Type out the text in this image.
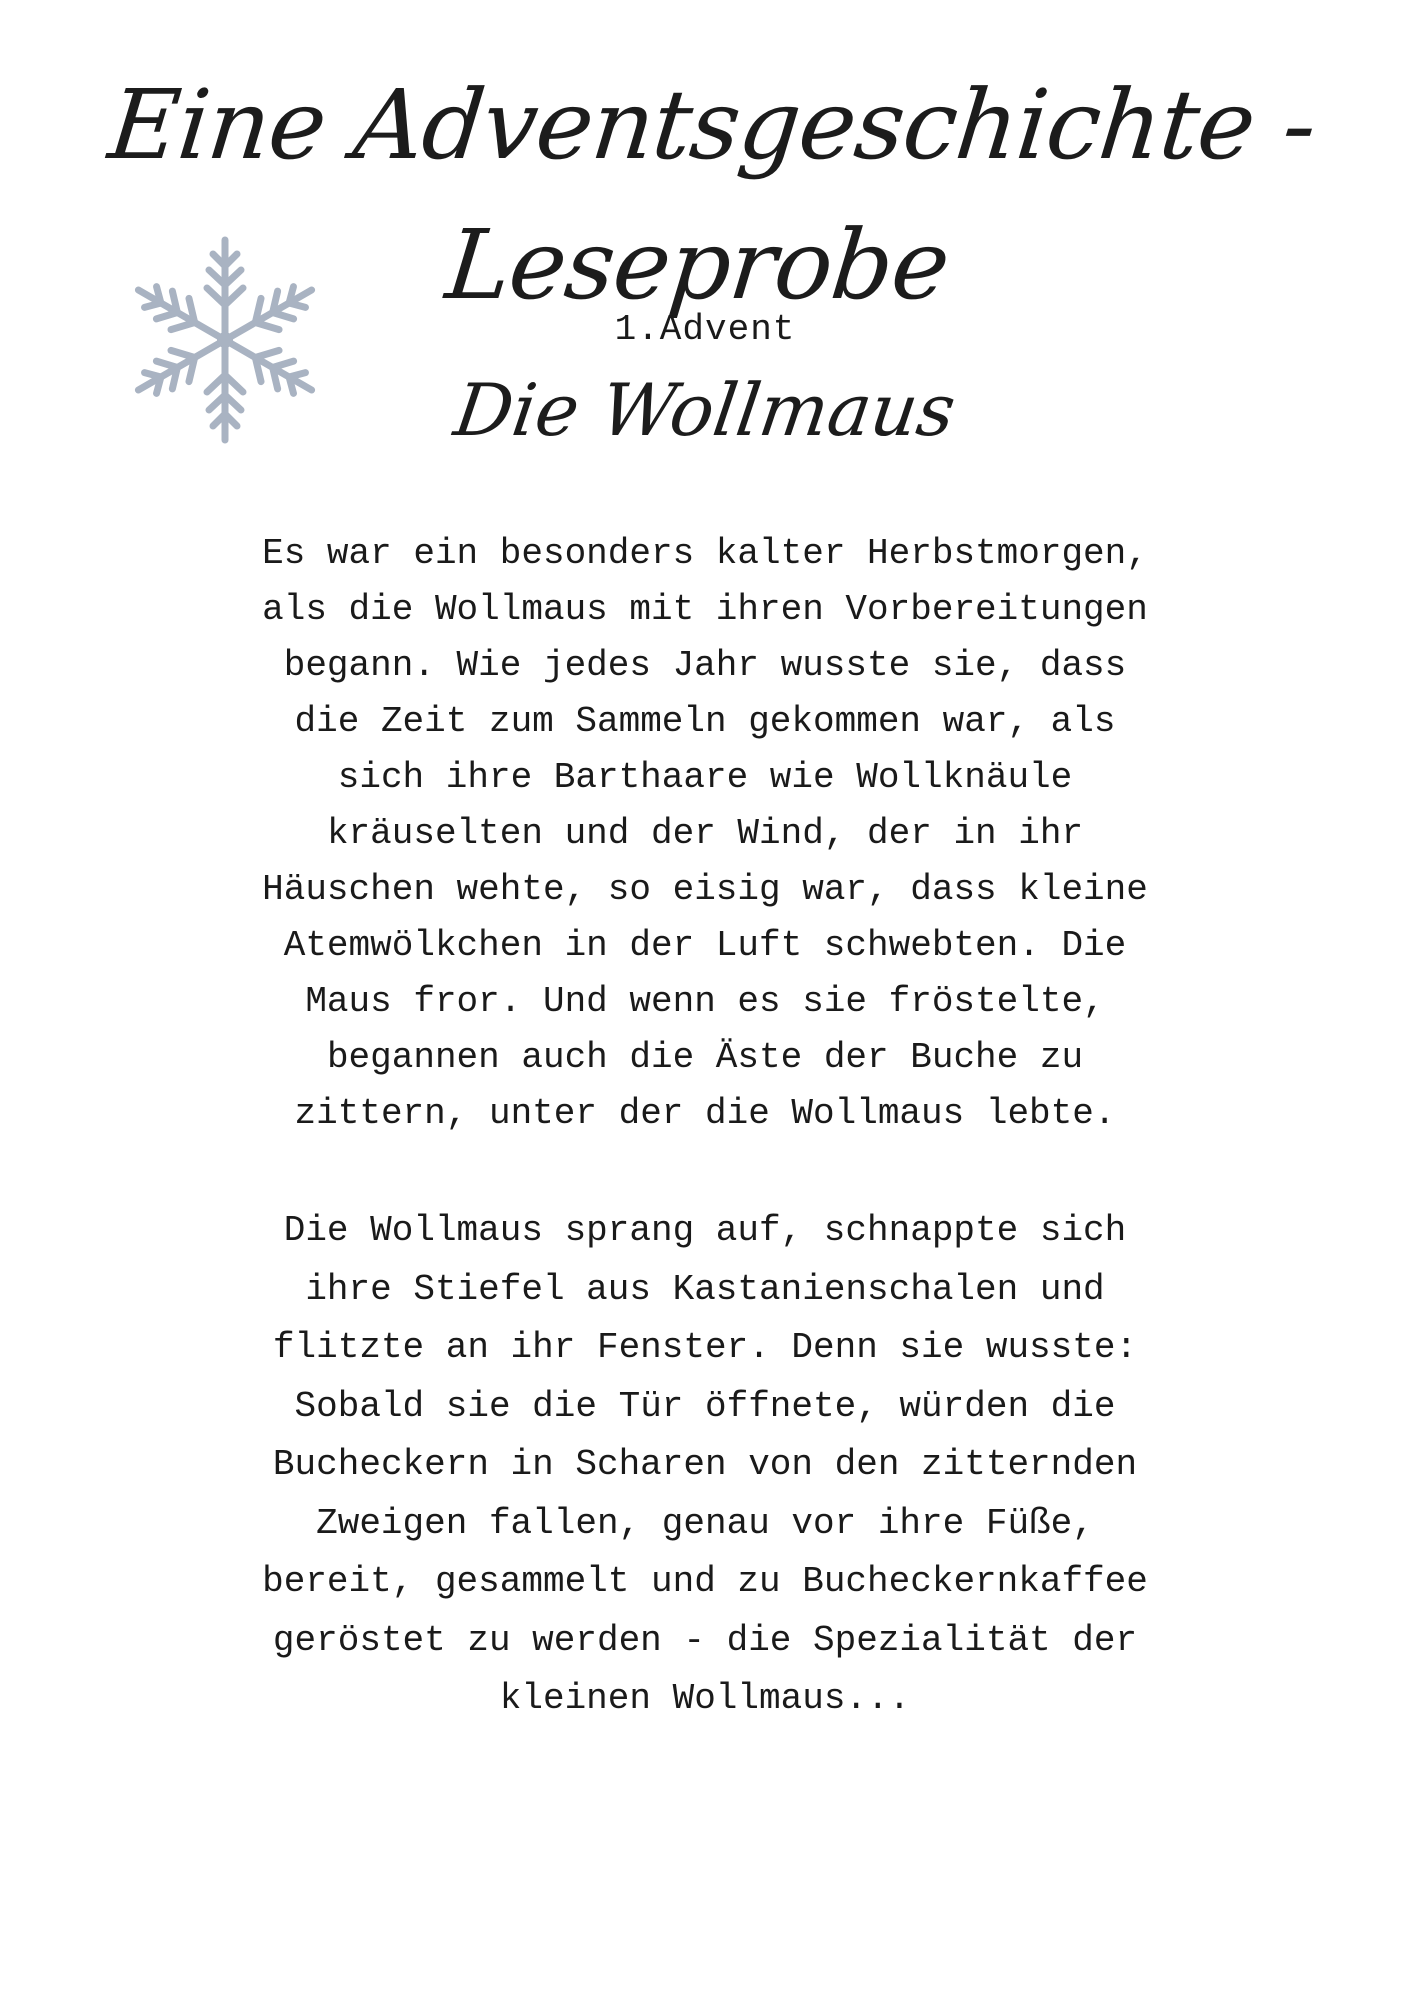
Eine Adventsgeschichte - Leseprobe
1.Advent
Die Wollmaus
Es war ein besonders kalter Herbstmorgen,
als die Wollmaus mit ihren Vorbereitungen
begann. Wie jedes Jahr wusste sie, dass
die Zeit zum Sammeln gekommen war, als
sich ihre Barthaare wie Wollknäule
kräuselten und der Wind, der in ihr
Häuschen wehte, so eisig war, dass kleine
Atemwölkchen in der Luft schwebten. Die
Maus fror. Und wenn es sie fröstelte,
begannen auch die Äste der Buche zu
zittern, unter der die Wollmaus lebte.
Die Wollmaus sprang auf, schnappte sich
ihre Stiefel aus Kastanienschalen und
flitzte an ihr Fenster. Denn sie wusste:
Sobald sie die Tür öffnete, würden die
Bucheckern in Scharen von den zitternden
Zweigen fallen, genau vor ihre Füße,
bereit, gesammelt und zu Bucheckernkaffee
geröstet zu werden - die Spezialität der
kleinen Wollmaus...
